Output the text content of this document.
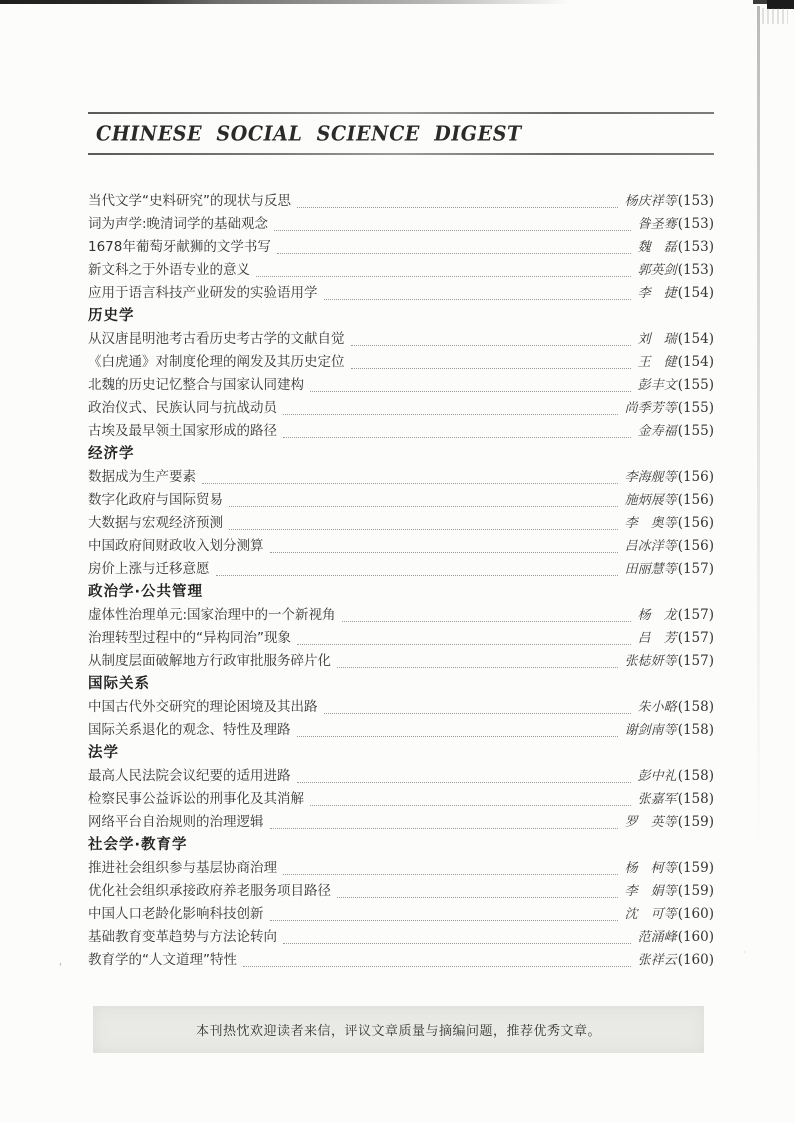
ʻ
·
CHINESE SOCIAL SCIENCE DIGEST
当代文学“史料研究”的现状与反思	杨庆祥等 (153)
词为声学:晚清词学的基础观念	昝圣骞 (153)
1678年葡萄牙献狮的文学书写	魏　磊 (153)
新文科之于外语专业的意义	郭英剑 (153)
应用于语言科技产业研发的实验语用学	李　捷 (154)
历史学
从汉唐昆明池考古看历史考古学的文献自觉	刘　瑞 (154)
《白虎通》对制度伦理的阐发及其历史定位	王　健 (154)
北魏的历史记忆整合与国家认同建构	彭丰文 (155)
政治仪式、民族认同与抗战动员	尚季芳等 (155)
古埃及最早领土国家形成的路径	金寿福 (155)
经济学
数据成为生产要素	李海舰等 (156)
数字化政府与国际贸易	施炳展等 (156)
大数据与宏观经济预测	李　奥等 (156)
中国政府间财政收入划分测算	吕冰洋等 (156)
房价上涨与迁移意愿	田丽慧等 (157)
政治学·公共管理
虚体性治理单元:国家治理中的一个新视角	杨　龙 (157)
治理转型过程中的“异构同治”现象	吕　芳 (157)
从制度层面破解地方行政审批服务碎片化	张梽妍等 (157)
国际关系
中国古代外交研究的理论困境及其出路	朱小略 (158)
国际关系退化的观念、特性及理路	谢剑南等 (158)
法学
最高人民法院会议纪要的适用进路	彭中礼 (158)
检察民事公益诉讼的刑事化及其消解	张嘉军 (158)
网络平台自治规则的治理逻辑	罗　英等 (159)
社会学·教育学
推进社会组织参与基层协商治理	杨　柯等 (159)
优化社会组织承接政府养老服务项目路径	李　娟等 (159)
中国人口老龄化影响科技创新	沈　可等 (160)
基础教育变革趋势与方法论转向	范涌峰 (160)
教育学的“人文道理”特性	张祥云 (160)
本刊热忱欢迎读者来信，评议文章质量与摘编问题，推荐优秀文章。
